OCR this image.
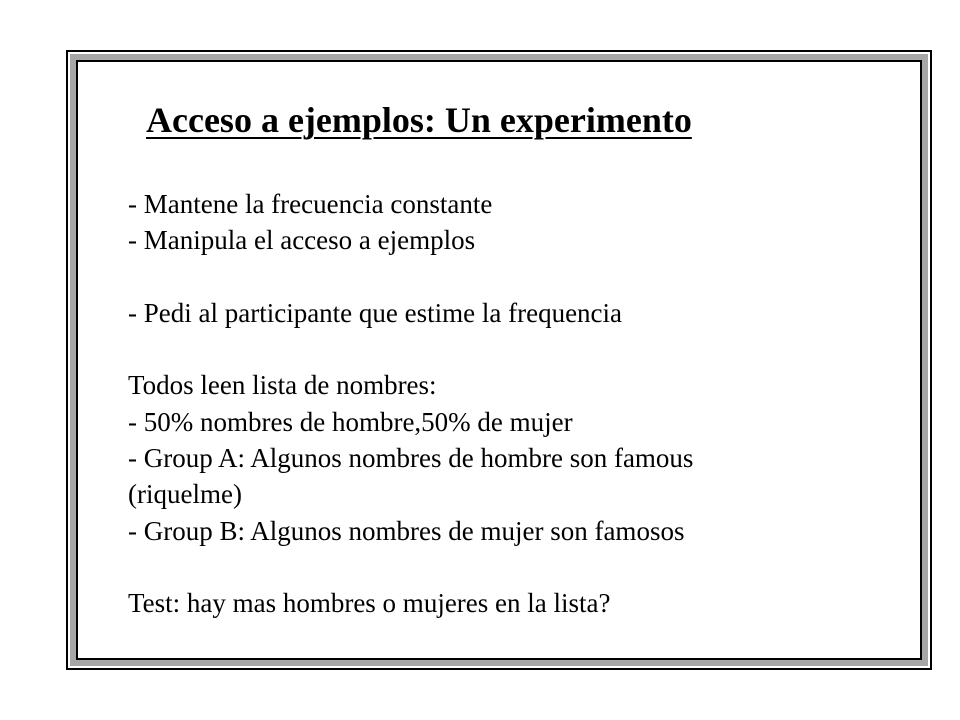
Acceso a ejemplos: Un experimento
- Mantene la frecuencia constante
- Manipula el acceso a ejemplos
- Pedi al participante que estime la frequencia
Todos leen lista de nombres:
- 50% nombres de hombre,50% de mujer
- Group A: Algunos nombres de hombre son famous
(riquelme)
- Group B: Algunos nombres de mujer son famosos
Test: hay mas hombres o mujeres en la lista?
